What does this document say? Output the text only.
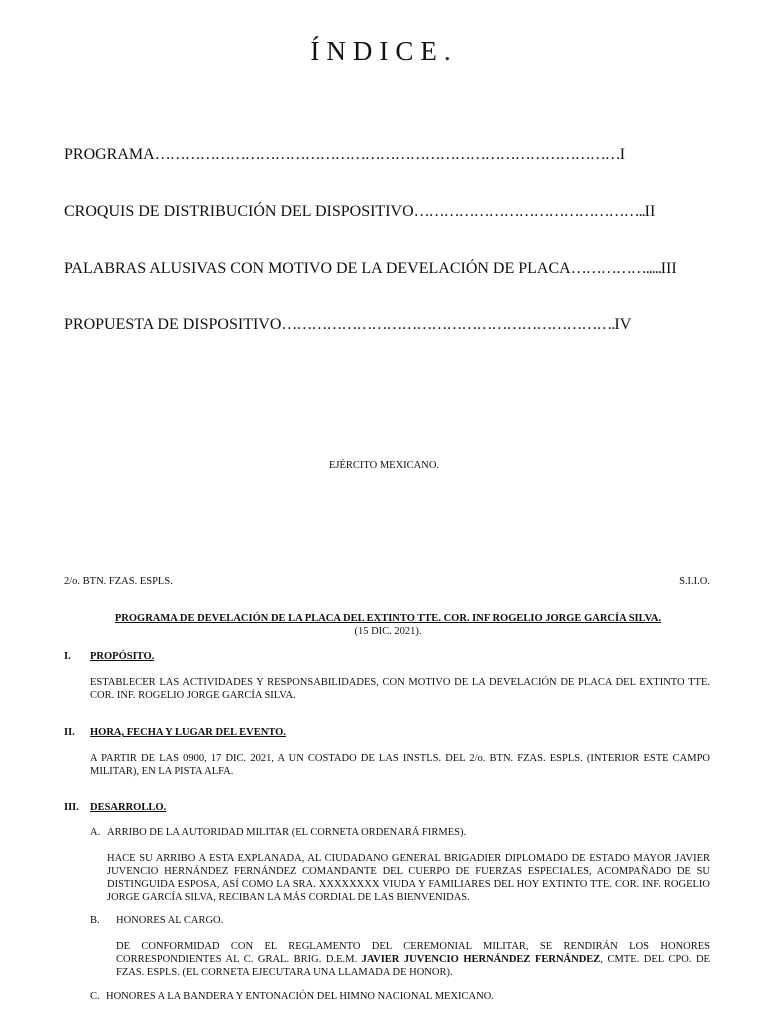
ÍNDICE.
PROGRAMA…………………………………………………………………………………I
CROQUIS DE DISTRIBUCIÓN DEL DISPOSITIVO………………………………………..II
PALABRAS ALUSIVAS CON MOTIVO DE LA DEVELACIÓN DE PLACA…………….....III
PROPUESTA DE DISPOSITIVO………………………………………………………….IV
EJÉRCITO MEXICANO.
2/o. BTN. FZAS. ESPLS.	S.I.I.O.
PROGRAMA DE DEVELACIÓN DE LA PLACA DEL EXTINTO TTE. COR. INF ROGELIO JORGE GARCÍA SILVA.
(15 DIC. 2021).
I. PROPÓSITO.
ESTABLECER LAS ACTIVIDADES Y RESPONSABILIDADES, CON MOTIVO DE LA DEVELACIÓN DE PLACA DEL EXTINTO TTE. COR. INF. ROGELIO JORGE GARCÍA SILVA.
II. HORA, FECHA Y LUGAR DEL EVENTO.
A PARTIR DE LAS 0900, 17 DIC. 2021, A UN COSTADO DE LAS INSTLS. DEL 2/o. BTN. FZAS. ESPLS. (INTERIOR ESTE CAMPO MILITAR), EN LA PISTA ALFA.
III. DESARROLLO.
A. ARRIBO DE LA AUTORIDAD MILITAR (EL CORNETA ORDENARÁ FIRMES).
HACE SU ARRIBO A ESTA EXPLANADA, AL CIUDADANO GENERAL BRIGADIER DIPLOMADO DE ESTADO MAYOR JAVIER JUVENCIO HERNÁNDEZ FERNÁNDEZ COMANDANTE DEL CUERPO DE FUERZAS ESPECIALES, ACOMPAÑADO DE SU DISTINGUIDA ESPOSA, ASÍ COMO LA SRA. XXXXXXXX VIUDA Y FAMILIARES DEL HOY EXTINTO TTE. COR. INF. ROGELIO JORGE GARCÍA SILVA, RECIBAN LA MÁS CORDIAL DE LAS BIENVENIDAS.
B. HONORES AL CARGO.
DE CONFORMIDAD CON EL REGLAMENTO DEL CEREMONIAL MILITAR, SE RENDIRÁN LOS HONORES CORRESPONDIENTES AL C. GRAL. BRIG. D.E.M. JAVIER JUVENCIO HERNÁNDEZ FERNÁNDEZ, CMTE. DEL CPO. DE FZAS. ESPLS. (EL CORNETA EJECUTARA UNA LLAMADA DE HONOR).
C. HONORES A LA BANDERA Y ENTONACIÓN DEL HIMNO NACIONAL MEXICANO.
